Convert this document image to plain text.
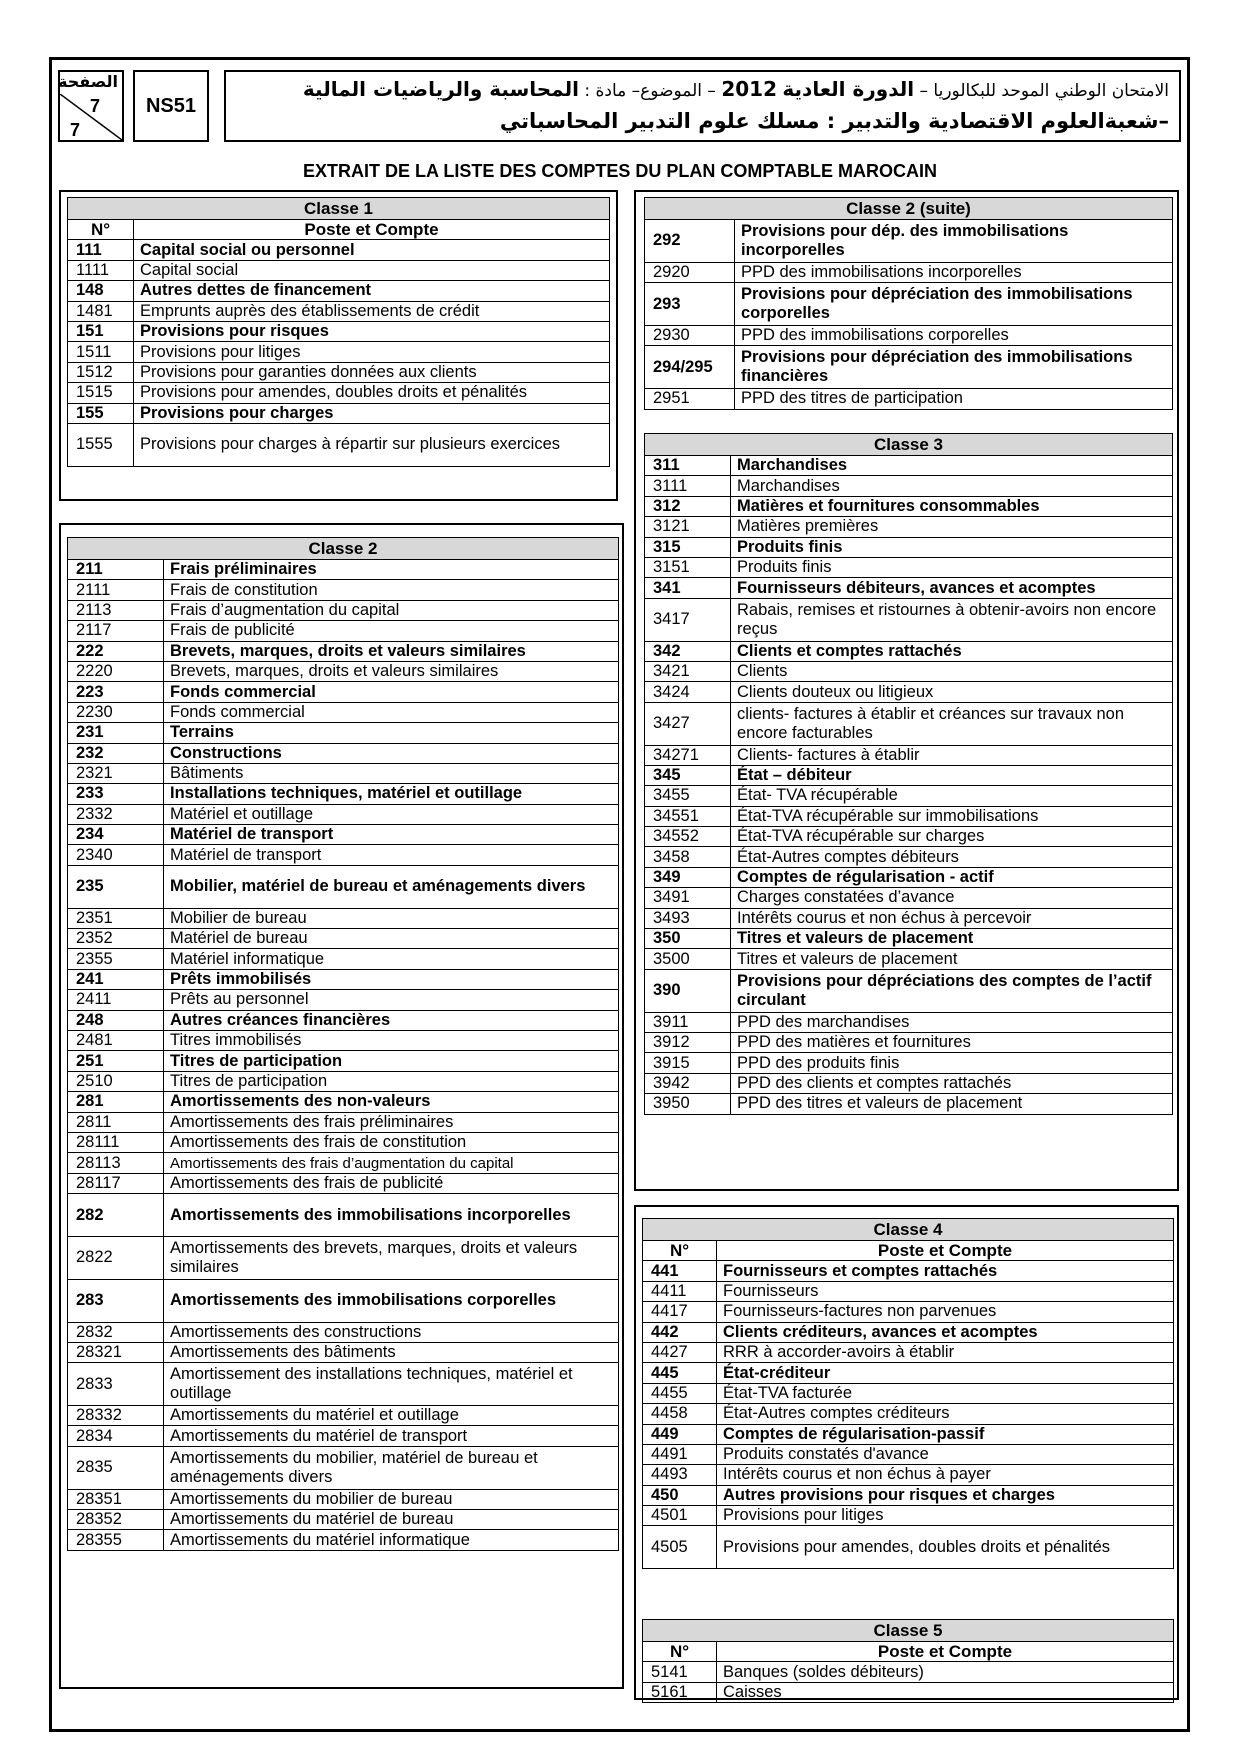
الصفحة
7
7
NS51
الامتحان الوطني الموحد للبكالوريا – الدورة العادية 2012 – الموضوع– مادة : المحاسبة والرياضيات المالية
–شعبةالعلوم الاقتصادية والتدبير : مسلك علوم التدبير المحاسباتي
EXTRAIT DE LA LISTE DES COMPTES DU PLAN COMPTABLE MAROCAIN
Classe 1	
N°	Poste et Compte
111	Capital social ou personnel
1111	Capital social
148	Autres dettes de financement
1481	Emprunts auprès des établissements de crédit
151	Provisions pour risques
1511	Provisions pour litiges
1512	Provisions pour garanties données aux clients
1515	Provisions pour amendes, doubles droits et pénalités
155	Provisions pour charges
1555	Provisions pour charges à répartir sur plusieurs exercices
Classe 2	
211	Frais préliminaires
2111	Frais de constitution
2113	Frais d’augmentation du capital
2117	Frais de publicité
222	Brevets, marques, droits et valeurs similaires
2220	Brevets, marques, droits et valeurs similaires
223	Fonds commercial
2230	Fonds commercial
231	Terrains
232	Constructions
2321	Bâtiments
233	Installations techniques, matériel et outillage
2332	Matériel et outillage
234	Matériel de transport
2340	Matériel de transport
235	Mobilier, matériel de bureau et aménagements divers
2351	Mobilier de bureau
2352	Matériel de bureau
2355	Matériel informatique
241	Prêts immobilisés
2411	Prêts au personnel
248	Autres créances financières
2481	Titres immobilisés
251	Titres de participation
2510	Titres de participation
281	Amortissements des non-valeurs
2811	Amortissements des frais préliminaires
28111	Amortissements des frais de constitution
28113	Amortissements des frais d’augmentation du capital
28117	Amortissements des frais de publicité
282	Amortissements des immobilisations incorporelles
2822	Amortissements des brevets, marques, droits et valeurs similaires
283	Amortissements des immobilisations corporelles
2832	Amortissements des constructions
28321	Amortissements des bâtiments
2833	Amortissement des installations techniques, matériel et outillage
28332	Amortissements du matériel et outillage
2834	Amortissements du matériel de transport
2835	Amortissements du mobilier, matériel de bureau et aménagements divers
28351	Amortissements du mobilier de bureau
28352	Amortissements du matériel de bureau
28355	Amortissements du matériel informatique
Classe 2 (suite)	
292	Provisions pour dép. des immobilisations incorporelles
2920	PPD des immobilisations incorporelles
293	Provisions pour dépréciation des immobilisations corporelles
2930	PPD des immobilisations corporelles
294/295	Provisions pour dépréciation des immobilisations financières
2951	PPD des titres de participation
Classe 3	
311	Marchandises
3111	Marchandises
312	Matières et fournitures consommables
3121	Matières premières
315	Produits finis
3151	Produits finis
341	Fournisseurs débiteurs, avances et acomptes
3417	Rabais, remises et ristournes à obtenir-avoirs non encore reçus
342	Clients et comptes rattachés
3421	Clients
3424	Clients douteux ou litigieux
3427	clients- factures à établir et créances sur travaux non encore facturables
34271	Clients- factures à établir
345	État – débiteur
3455	État- TVA récupérable
34551	État-TVA récupérable sur immobilisations
34552	État-TVA récupérable sur charges
3458	État-Autres comptes débiteurs
349	Comptes de régularisation - actif
3491	Charges constatées d’avance
3493	Intérêts courus et non échus à percevoir
350	Titres et valeurs de placement
3500	Titres et valeurs de placement
390	Provisions pour dépréciations des comptes de l’actif circulant
3911	PPD des marchandises
3912	PPD des matières et fournitures
3915	PPD des produits finis
3942	PPD des clients et comptes rattachés
3950	PPD des titres et valeurs de placement
Classe 4	
N°	Poste et Compte
441	Fournisseurs et comptes rattachés
4411	Fournisseurs
4417	Fournisseurs-factures non parvenues
442	Clients créditeurs, avances et acomptes
4427	RRR à accorder-avoirs à établir
445	État-créditeur
4455	État-TVA facturée
4458	État-Autres comptes créditeurs
449	Comptes de régularisation-passif
4491	Produits constatés d'avance
4493	Intérêts courus et non échus à payer
450	Autres provisions pour risques et charges
4501	Provisions pour litiges
4505	Provisions pour amendes, doubles droits et pénalités
Classe 5	
N°	Poste et Compte
5141	Banques (soldes débiteurs)
5161	Caisses
